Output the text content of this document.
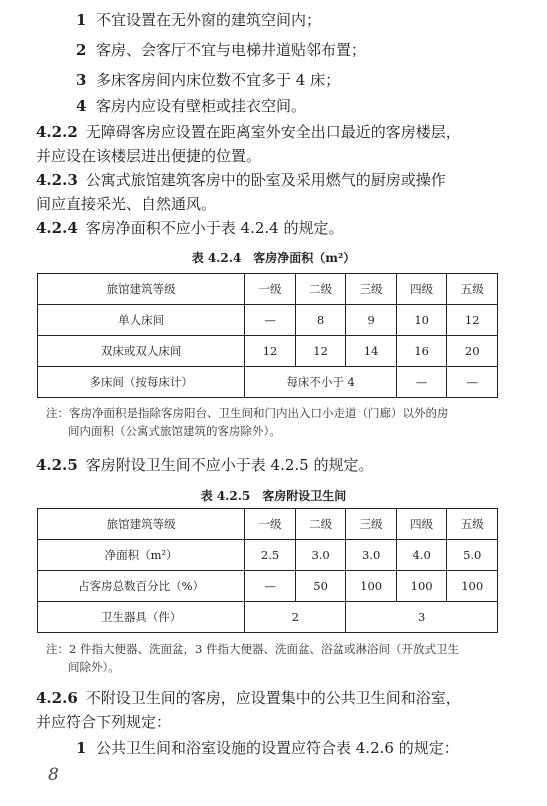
1 不宜设置在无外窗的建筑空间内；
2 客房、会客厅不宜与电梯井道贴邻布置；
3 多床客房间内床位数不宜多于 4 床；
4 客房内应设有壁柜或挂衣空间。
4.2.2 无障碍客房应设置在距离室外安全出口最近的客房楼层，
并应设在该楼层进出便捷的位置。
4.2.3 公寓式旅馆建筑客房中的卧室及采用燃气的厨房或操作
间应直接采光、自然通风。
4.2.4 客房净面积不应小于表 4.2.4 的规定。
表 4.2.4　客房净面积（m²）
旅馆建筑等级	一级	二级	三级	四级	五级
单人床间	—	8	9	10	12
双床或双人床间	12	12	14	16	20
多床间（按每床计）	每床不小于 4			—	—
注：客房净面积是指除客房阳台、卫生间和门内出入口小走道（门廊）以外的房
间内面积（公寓式旅馆建筑的客房除外）。
4.2.5 客房附设卫生间不应小于表 4.2.5 的规定。
表 4.2.5　客房附设卫生间
旅馆建筑等级	一级	二级	三级	四级	五级
净面积（m²）	2.5	3.0	3.0	4.0	5.0
占客房总数百分比（%）	—	50	100	100	100
卫生器具（件）	2		3		
注：2 件指大便器、洗面盆，3 件指大便器、洗面盆、浴盆或淋浴间（开放式卫生
间除外）。
4.2.6 不附设卫生间的客房，应设置集中的公共卫生间和浴室，
并应符合下列规定：
1 公共卫生间和浴室设施的设置应符合表 4.2.6 的规定：
8
